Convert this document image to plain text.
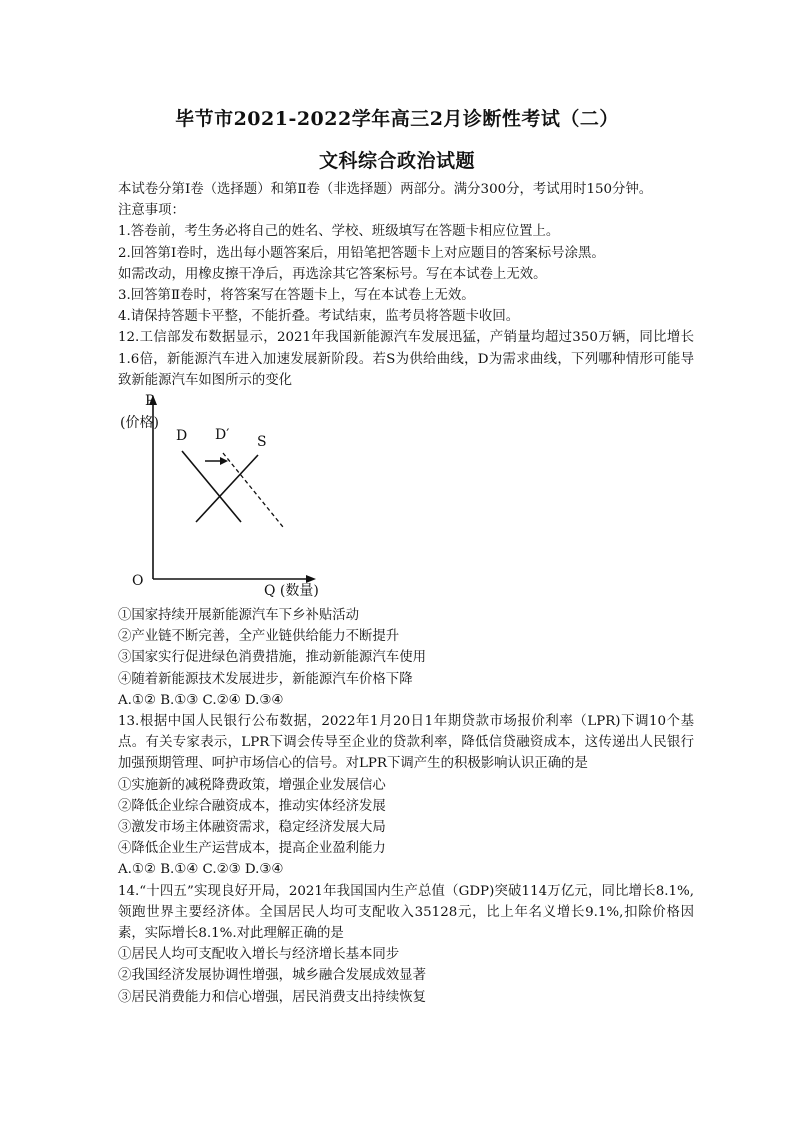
毕节市2021-2022学年高三2月诊断性考试（二）
文科综合政治试题

本试卷分第Ⅰ卷（选择题）和第Ⅱ卷（非选择题）两部分。满分300分，考试用时150分钟。

注意事项：

1.答卷前，考生务必将自己的姓名、学校、班级填写在答题卡相应位置上。

2.回答第Ⅰ卷时，选出每小题答案后，用铅笔把答题卡上对应题目的答案标号涂黑。

如需改动，用橡皮擦干净后，再选涂其它答案标号。写在本试卷上无效。

3.回答第Ⅱ卷时，将答案写在答题卡上，写在本试卷上无效。

4.请保持答题卡平整，不能折叠。考试结束，监考员将答题卡收回。

12.工信部发布数据显示，2021年我国新能源汽车发展迅猛，产销量均超过350万辆，同比增长1.6倍，新能源汽车进入加速发展新阶段。若S为供给曲线，D为需求曲线，下列哪种情形可能导致新能源汽车如图所示的变化

P
(价格)
D D′ S
O
Q (数量)

①国家持续开展新能源汽车下乡补贴活动

②产业链不断完善，全产业链供给能力不断提升

③国家实行促进绿色消费措施，推动新能源汽车使用

④随着新能源技术发展进步，新能源汽车价格下降

A.①② B.①③ C.②④ D.③④

13.根据中国人民银行公布数据，2022年1月20日1年期贷款市场报价利率（LPR)下调10个基点。有关专家表示，LPR下调会传导至企业的贷款利率，降低信贷融资成本，这传递出人民银行加强预期管理、呵护市场信心的信号。对LPR下调产生的积极影响认识正确的是

①实施新的减税降费政策，增强企业发展信心

②降低企业综合融资成本，推动实体经济发展

③激发市场主体融资需求，稳定经济发展大局

④降低企业生产运营成本，提高企业盈利能力

A.①② B.①④ C.②③ D.③④

14.“十四五”实现良好开局，2021年我国国内生产总值（GDP)突破114万亿元，同比增长8.1%,领跑世界主要经济体。全国居民人均可支配收入35128元，比上年名义增长9.1%,扣除价格因素，实际增长8.1%.对此理解正确的是

①居民人均可支配收入增长与经济增长基本同步

②我国经济发展协调性增强，城乡融合发展成效显著

③居民消费能力和信心增强，居民消费支出持续恢复
